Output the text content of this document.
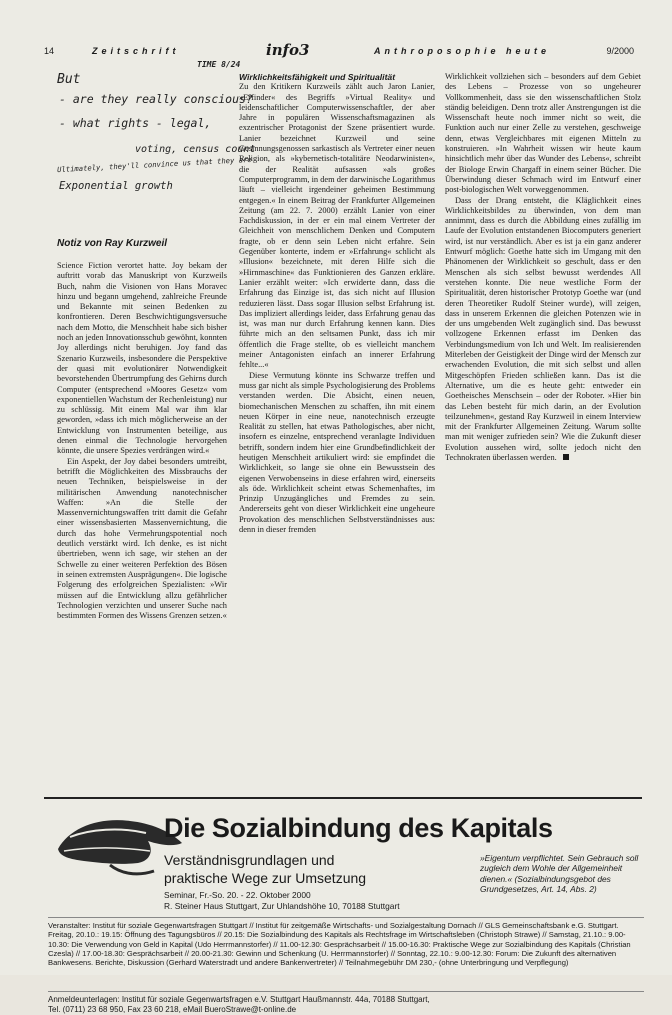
14	Zeitschrift	info3	Anthroposophie heute	9/2000
TIME 8/24
But
- are they really conscious?
- what rights - legal,
voting, census count
Ultimately, they'll convince us that they are
Exponential growth
Notiz von Ray Kurzweil

Science Fiction verortet hatte. Joy bekam der auftritt vorab das Manuskript von Kurzweils Buch, nahm die Visionen von Hans Moravec hinzu und begann umgehend, zahlreiche Freunde und Bekannte mit seinen Bedenken zu konfrontieren. Deren Beschwichtigungsversuche nach dem Motto, die Menschheit habe sich bisher noch an jeden Innovationsschub gewöhnt, konnten Joy allerdings nicht beruhigen. Joy fand das Szenario Kurzweils, insbesondere die Perspektive der quasi mit evolutionärer Notwendigkeit bevorstehenden Übertrumpfung des Gehirns durch Computer (entsprechend »Moores Gesetz« vom exponentiellen Wachstum der Rechenleistung) nur zu schlüssig. Mit einem Mal war ihm klar geworden, »dass ich mich möglicherweise an der Entwicklung von Instrumenten beteilige, aus denen einmal die Technologie hervorgehen könnte, die unsere Spezies verdrängen wird.«

Ein Aspekt, der Joy dabei besonders umtreibt, betrifft die Möglichkeiten des Missbrauchs der neuen Techniken, beispielsweise in der militärischen Anwendung nanotechnischer Waffen: »An die Stelle der Massenvernichtungswaffen tritt damit die Gefahr einer wissensbasierten Massenvernichtung, die durch das hohe Vermehrungspotential noch deutlich verstärkt wird. Ich denke, es ist nicht übertrieben, wenn ich sage, wir stehen an der Schwelle zu einer weiteren Perfektion des Bösen in seinen extremsten Ausprägungen«. Die logische Folgerung des erfolgreichen Spezialisten: »Wir müssen auf die Entwicklung allzu gefährlicher Technologien verzichten und unserer Suche nach bestimmten Formen des Wissens Grenzen setzen.«

Wirklichkeitsfähigkeit und Spiritualität

Zu den Kritikern Kurzweils zählt auch Jaron Lanier, »Erfinder« des Begriffs »Virtual Reality« und leidenschaftlicher Computerwissenschaftler, der aber Jahre in populären Wissenschaftsmagazinen als exzentrischer Protagonist der Szene präsentiert wurde. Lanier bezeichnet Kurzweil und seine Gesinnungsgenossen sarkastisch als Vertreter einer neuen Religion, als »kybernetisch-totalitäre Neodarwinisten«, die der Realität aufsassen »als großes Computerprogramm, in dem der darwinische Logarithmus läuft – vielleicht irgendeiner geheimen Bestimmung entgegen.« In einem Beitrag der Frankfurter Allgemeinen Zeitung (am 22. 7. 2000) erzählt Lanier von einer Fachdiskussion, in der er ein mal einem Vertreter der Gleichheit von menschlichem Denken und Computern fragte, ob er denn sein Leben nicht erfahre. Sein Gegenüber konterte, indem er »Erfahrung« schlicht als »Illusion« bezeichnete, mit deren Hilfe sich die »Hirnmaschine« das Funktionieren des Ganzen erkläre. Lanier erzählt weiter: »Ich erwiderte dann, dass die Erfahrung das Einzige ist, das sich nicht auf Illusion reduzieren lässt. Dass sogar Illusion selbst Erfahrung ist. Das impliziert allerdings leider, dass Erfahrung genau das ist, was man nur durch Erfahrung kennen kann. Dies führte mich an den seltsamen Punkt, dass ich mir öffentlich die Frage stellte, ob es vielleicht manchem meiner Antagonisten einfach an innerer Erfahrung fehlte...«

Diese Vermutung könnte ins Schwarze treffen und muss gar nicht als simple Psychologisierung des Problems verstanden werden. Die Absicht, einen neuen, biomechanischen Menschen zu schaffen, ihn mit einem neuen Körper in eine neue, nanotechnisch erzeugte Realität zu stellen, hat etwas Pathologisches, aber nicht, insofern es einzelne, entsprechend veranlagte Individuen betrifft, sondern indem hier eine Grundbefindlichkeit der heutigen Menschheit artikuliert wird: sie empfindet die Wirklichkeit, so lange sie ohne ein Bewusstsein des eigenen Verwobenseins in diese erfahren wird, einerseits als öde. Wirklichkeit scheint etwas Schemenhaftes, im Prinzip Unzugängliches und Fremdes zu sein. Andererseits geht von dieser Wirklichkeit eine ungeheure Provokation des menschlichen Selbstverständnisses aus: denn in dieser fremden

Wirklichkeit vollziehen sich – besonders auf dem Gebiet des Lebens – Prozesse von so ungeheurer Vollkommenheit, dass sie den wissenschaftlichen Stolz ständig beleidigen. Denn trotz aller Anstrengungen ist die Wissenschaft heute noch immer nicht so weit, die Funktion auch nur einer Zelle zu verstehen, geschweige denn, etwas Vergleichbares mit eigenen Mitteln zu konstruieren. »In Wahrheit wissen wir heute kaum hinsichtlich mehr über das Wunder des Lebens«, schreibt der Biologe Erwin Chargaff in einem seiner Bücher. Die Überwindung dieser Schmach wird im Entwurf einer post-biologischen Welt vorweggenommen.

Dass der Drang entsteht, die Kläglichkeit eines Wirklichkeitsbildes zu überwinden, von dem man annimmt, dass es durch die Abbildung eines zufällig im Laufe der Evolution entstandenen Biocomputers generiert wird, ist nur verständlich. Aber es ist ja ein ganz anderer Entwurf möglich: Goethe hatte sich im Umgang mit den Phänomenen der Wirklichkeit so geschult, dass er den Menschen als sich selbst bewusst werdendes All verstehen konnte. Die neue westliche Form der Spiritualität, deren historischer Prototyp Goethe war (und deren Theoretiker Rudolf Steiner wurde), will zeigen, dass in unserem Erkennen die gleichen Potenzen wie in der uns umgebenden Welt zugänglich sind. Das bewusst vollzogene Erkennen erfasst im Denken das Verbindungsmedium von Ich und Welt. Im realisierenden Miterleben der Geistigkeit der Dinge wird der Mensch zur erwachenden Evolution, die mit sich selbst und allen Mitgeschöpfen Frieden schließen kann. Das ist die Alternative, um die es heute geht: entweder ein Goetheisches Menschsein – oder der Roboter. »Hier bin das Leben besteht für mich darin, an der Evolution teilzunehmen«, gestand Ray Kurzweil in einem Interview mit der Frankfurter Allgemeinen Zeitung. Warum sollte man mit weniger zufrieden sein? Wie die Zukunft dieser Evolution aussehen wird, sollte jedoch nicht den Technokraten überlassen werden.

Die Sozialbindung des Kapitals
Verständnisgrundlagen und
praktische Wege zur Umsetzung
Seminar, Fr.-So. 20. - 22. Oktober 2000
R. Steiner Haus Stuttgart, Zur Uhlandshöhe 10, 70188 Stuttgart
»Eigentum verpflichtet. Sein Gebrauch soll zugleich dem Wohle der Allgemeinheit dienen.« (Sozialbindungsgebot des Grundgesetzes, Art. 14, Abs. 2)
Veranstalter: Institut für soziale Gegenwartsfragen Stuttgart // Institut für zeitgemäße Wirtschafts- und Sozialgestaltung Dornach // GLS Gemeinschaftsbank e.G. Stuttgart. Freitag, 20.10.: 19.15: Öffnung des Tagungsbüros // 20.15: Die Sozialbindung des Kapitals als Rechtsfrage im Wirtschaftsleben (Christoph Strawe) // Samstag, 21.10.: 9.00-10.30: Die Verwendung von Geld in Kapital (Udo Herrmannstorfer) // 11.00-12.30: Gesprächsarbeit // 15.00-16.30: Praktische Wege zur Sozialbindung des Kapitals (Christian Czesla) // 17.00-18.30: Gesprächsarbeit // 20.00-21.30: Gewinn und Schenkung (U. Herrmannstorfer) // Sonntag, 22.10.: 9.00-12.30: Forum: Die Zukunft des alternativen Bankwesens. Berichte, Diskussion (Gerhard Waterstradt und andere Bankenvertreter) // Teilnahmegebühr DM 230,- (ohne Unterbringung und Verpflegung)
Anmeldeunterlagen: Institut für soziale Gegenwartsfragen e.V. Stuttgart Haußmannstr. 44a, 70188 Stuttgart,
Tel. (0711) 23 68 950, Fax 23 60 218, eMail BueroStrawe@t-online.de
